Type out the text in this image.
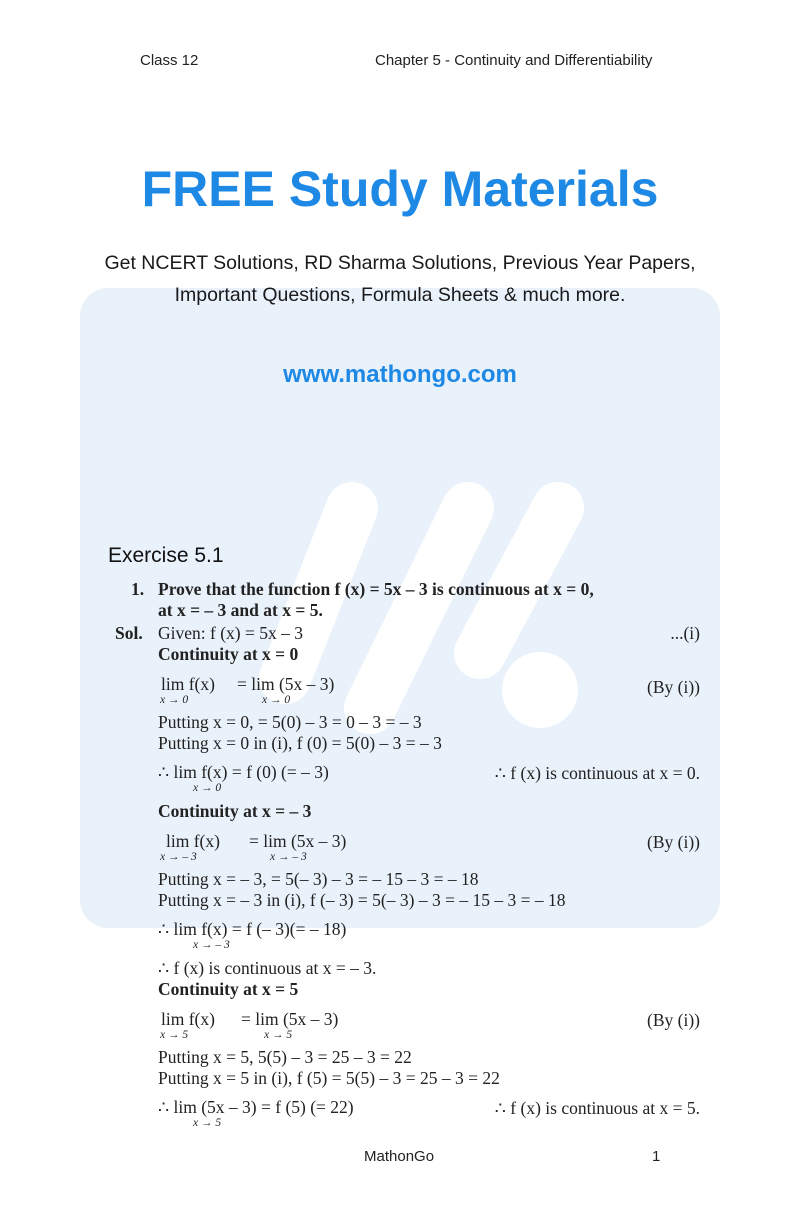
Class 12	Chapter 5 - Continuity and Differentiability
FREE Study Materials
Get NCERT Solutions, RD Sharma Solutions, Previous Year Papers,
Important Questions, Formula Sheets & much more.
www.mathongo.com
Exercise 5.1
1. Prove that the function f (x) = 5x – 3 is continuous at x = 0,
at x = – 3 and at x = 5.
Sol. Given: f (x) = 5x – 3	...(i)
Continuity at x = 0
lim f(x)
x → 0
= lim (5x – 3)
x → 0
(By (i))
Putting x = 0, = 5(0) – 3 = 0 – 3 = – 3
Putting x = 0 in (i), f (0) = 5(0) – 3 = – 3
∴ lim f(x) = f (0) (= – 3)
x → 0
∴ f (x) is continuous at x = 0.
Continuity at x = – 3
lim f(x)
x → – 3
= lim (5x – 3)
x → – 3
(By (i))
Putting x = – 3, = 5(– 3) – 3 = – 15 – 3 = – 18
Putting x = – 3 in (i), f (– 3) = 5(– 3) – 3 = – 15 – 3 = – 18
∴ lim f(x) = f (– 3)(= – 18)
x → – 3
∴ f (x) is continuous at x = – 3.
Continuity at x = 5
lim f(x)
x → 5
= lim (5x – 3)
x → 5
(By (i))
Putting x = 5, 5(5) – 3 = 25 – 3 = 22
Putting x = 5 in (i), f (5) = 5(5) – 3 = 25 – 3 = 22
∴ lim (5x – 3) = f (5) (= 22)
x → 5
∴ f (x) is continuous at x = 5.
MathonGo	1
